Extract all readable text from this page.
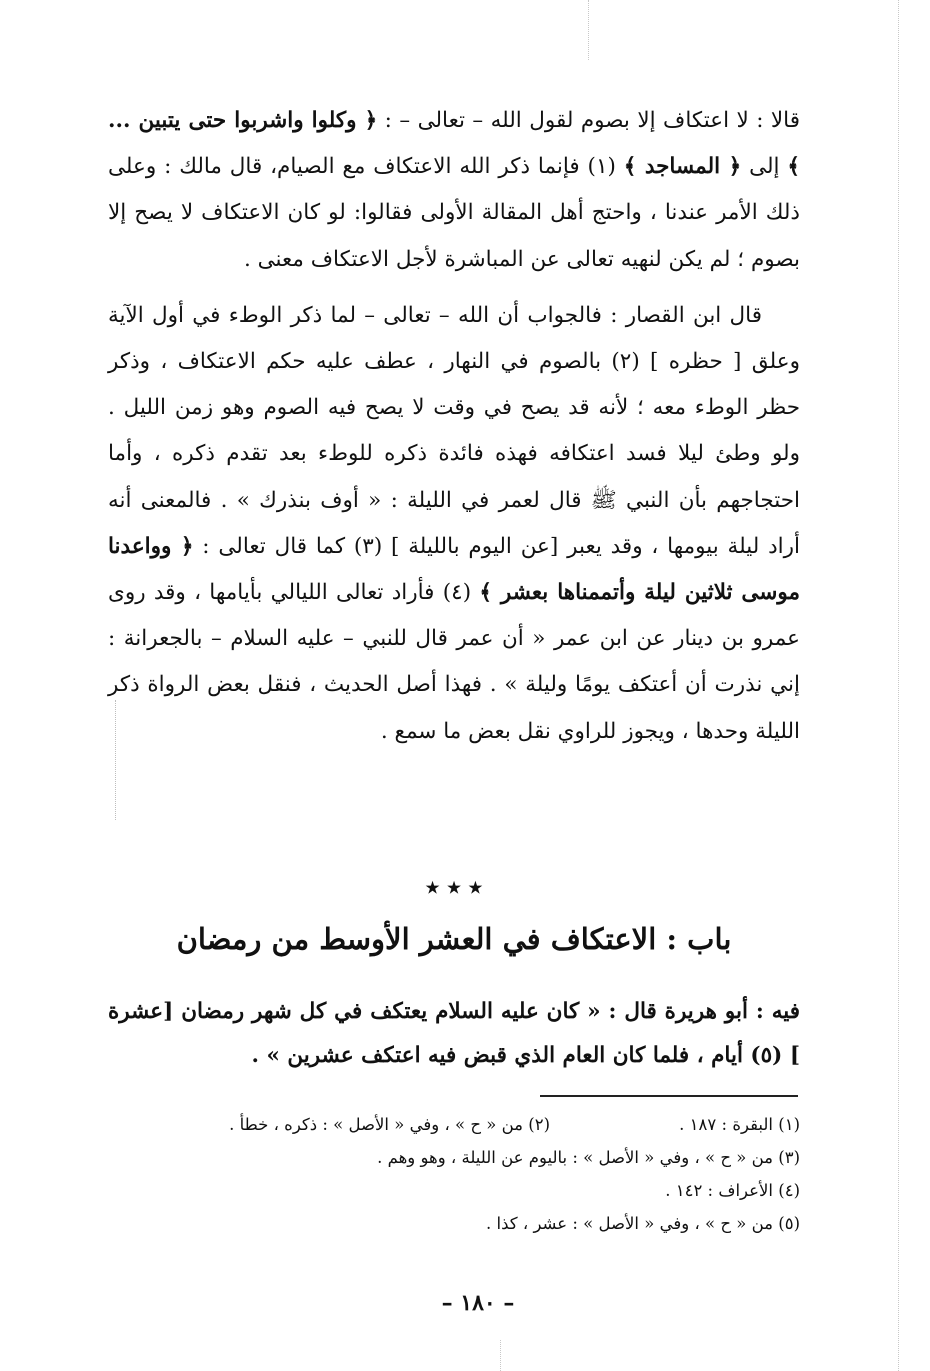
قالا : لا اعتكاف إلا بصوم لقول الله – تعالى – : ﴿ وكلوا واشربوا حتى يتبين ... ﴾ إلى ﴿ المساجد ﴾ (١) فإنما ذكر الله الاعتكاف مع الصيام، قال مالك : وعلى ذلك الأمر عندنا ، واحتج أهل المقالة الأولى فقالوا: لو كان الاعتكاف لا يصح إلا بصوم ؛ لم يكن لنهيه تعالى عن المباشرة لأجل الاعتكاف معنى .

قال ابن القصار : فالجواب أن الله – تعالى – لما ذكر الوطء في أول الآية وعلق [ حظره ] (٢) بالصوم في النهار ، عطف عليه حكم الاعتكاف ، وذكر حظر الوطء معه ؛ لأنه قد يصح في وقت لا يصح فيه الصوم وهو زمن الليل . ولو وطئ ليلا فسد اعتكافه فهذه فائدة ذكره للوطء بعد تقدم ذكره ، وأما احتجاجهم بأن النبي ﷺ قال لعمر في الليلة : « أوف بنذرك » . فالمعنى أنه أراد ليلة بيومها ، وقد يعبر [عن اليوم بالليلة ] (٣) كما قال تعالى : ﴿ وواعدنا موسى ثلاثين ليلة وأتممناها بعشر ﴾ (٤) فأراد تعالى الليالي بأيامها ، وقد روى عمرو بن دينار عن ابن عمر « أن عمر قال للنبي – عليه السلام – بالجعرانة : إني نذرت أن أعتكف يومًا وليلة » . فهذا أصل الحديث ، فنقل بعض الرواة ذكر الليلة وحدها ، ويجوز للراوي نقل بعض ما سمع .

٭ ٭ ٭
باب : الاعتكاف في العشر الأوسط من رمضان

فيه : أبو هريرة قال : « كان عليه السلام يعتكف في كل شهر رمضان [عشرة ] (٥) أيام ، فلما كان العام الذي قبض فيه اعتكف عشرين » .

(١) البقرة : ١٨٧ .
(٢) من « ح » ، وفي « الأصل » : ذكره ، خطأ .
(٣) من « ح » ، وفي « الأصل » : باليوم عن الليلة ، وهو وهم .
(٤) الأعراف : ١٤٢ .
(٥) من « ح » ، وفي « الأصل » : عشر ، كذا .
– ١٨٠ –
